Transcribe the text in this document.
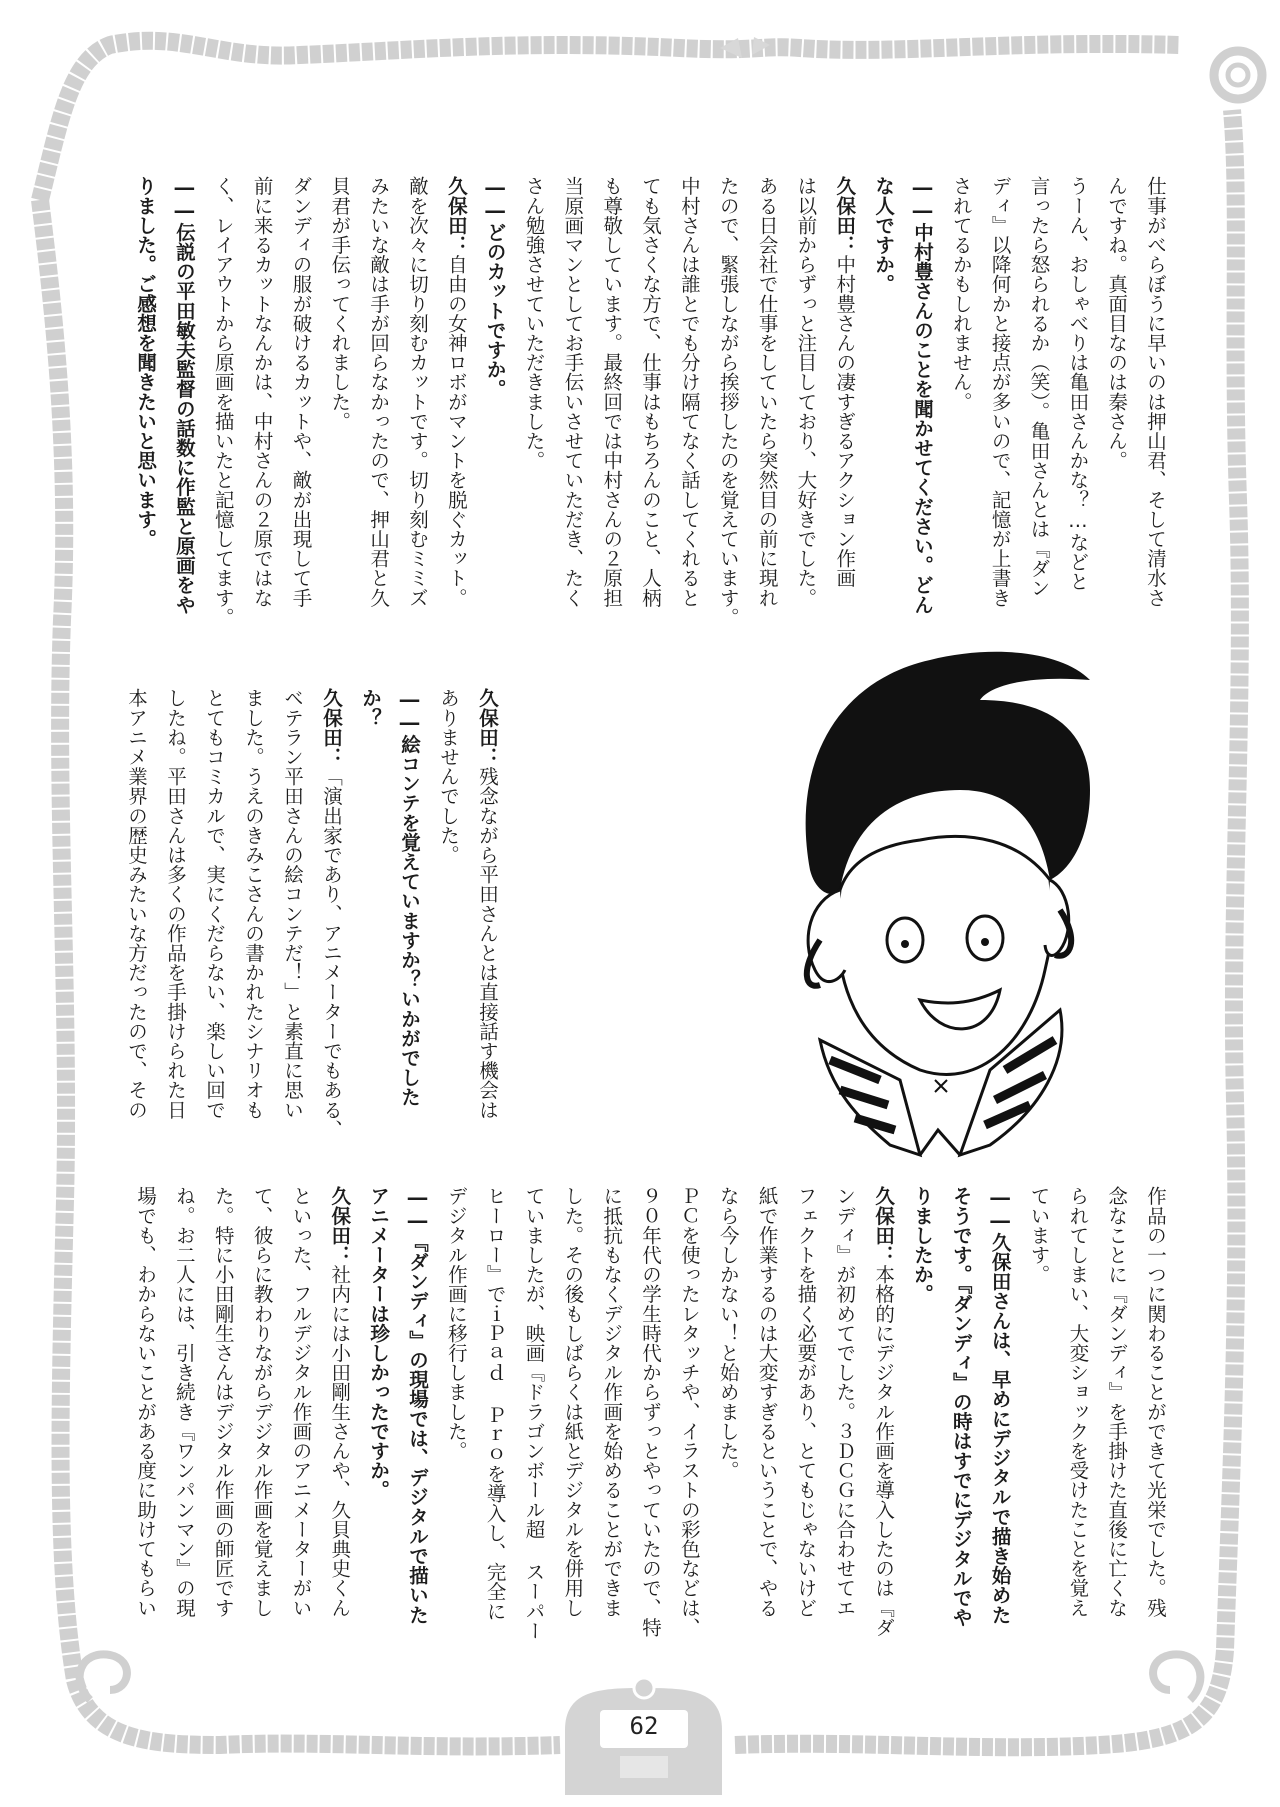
62
仕事がべらぼうに早いのは押山君、そして清水さ
んですね。真面目なのは秦さん。
うーん、おしゃべりは亀田さんかな？…などと
言ったら怒られるか（笑）。亀田さんとは『ダン
ディ』以降何かと接点が多いので、記憶が上書き
されてるかもしれません。
――中村豊さんのことを聞かせてください。どん
な人ですか。
久保田：中村豊さんの凄すぎるアクション作画
は以前からずっと注目しており、大好きでした。
ある日会社で仕事をしていたら突然目の前に現れ
たので、緊張しながら挨拶したのを覚えています。
中村さんは誰とでも分け隔てなく話してくれると
ても気さくな方で、仕事はもちろんのこと、人柄
も尊敬しています。最終回では中村さんの２原担
当原画マンとしてお手伝いさせていただき、たく
さん勉強させていただきました。
――どのカットですか。
久保田：自由の女神ロボがマントを脱ぐカット。
敵を次々に切り刻むカットです。切り刻むミミズ
みたいな敵は手が回らなかったので、押山君と久
貝君が手伝ってくれました。
ダンディの服が破けるカットや、敵が出現して手
前に来るカットなんかは、中村さんの２原ではな
く、レイアウトから原画を描いたと記憶してます。
――伝説の平田敏夫監督の話数に作監と原画をや
りました。ご感想を聞きたいと思います。
久保田：残念ながら平田さんとは直接話す機会は
ありませんでした。
――絵コンテを覚えていますか？いかがでした
か？
久保田：「演出家であり、アニメーターでもある、
ベテラン平田さんの絵コンテだ！」と素直に思い
ました。うえのきみこさんの書かれたシナリオも
とてもコミカルで、実にくだらない、楽しい回で
したね。平田さんは多くの作品を手掛けられた日
本アニメ業界の歴史みたいな方だったので、その
作品の一つに関わることができて光栄でした。残
念なことに『ダンディ』を手掛けた直後に亡くな
られてしまい、大変ショックを受けたことを覚え
ています。
――久保田さんは、早めにデジタルで描き始めた
そうです。『ダンディ』の時はすでにデジタルでや
りましたか。
久保田：本格的にデジタル作画を導入したのは『ダ
ンディ』が初めてでした。３ＤＣＧに合わせてエ
フェクトを描く必要があり、とてもじゃないけど
紙で作業するのは大変すぎるということで、やる
なら今しかない！と始めました。
ＰＣを使ったレタッチや、イラストの彩色などは、
９０年代の学生時代からずっとやっていたので、特
に抵抗もなくデジタル作画を始めることができま
した。その後もしばらくは紙とデジタルを併用し
ていましたが、映画『ドラゴンボール超 スーパー
ヒーロー』でｉＰａｄ Ｐｒｏを導入し、完全に
デジタル作画に移行しました。
――『ダンディ』の現場では、デジタルで描いた
アニメーターは珍しかったですか。
久保田：社内には小田剛生さんや、久貝典史くん
といった、フルデジタル作画のアニメーターがい
て、彼らに教わりながらデジタル作画を覚えまし
た。特に小田剛生さんはデジタル作画の師匠です
ね。お二人には、引き続き『ワンパンマン』の現
場でも、わからないことがある度に助けてもらい
